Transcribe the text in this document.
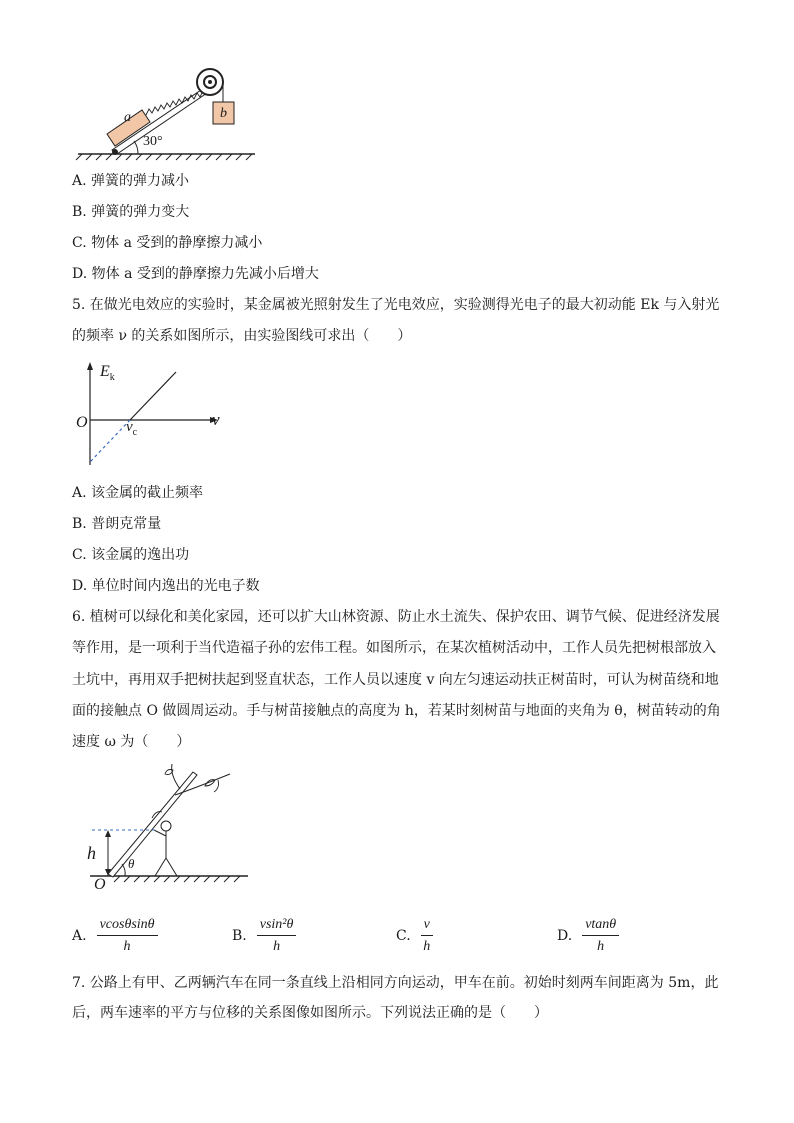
a	b
30°
A. 弹簧的弹力减小
B. 弹簧的弹力变大
C. 物体 a 受到的静摩擦力减小
D. 物体 a 受到的静摩擦力先减小后增大
5. 在做光电效应的实验时，某金属被光照射发生了光电效应，实验测得光电子的最大初动能 Ek 与入射光
的频率 ν 的关系如图所示，由实验图线可求出（　　）
$E_k$
O	ν
$\nu_c$
A. 该金属的截止频率
B. 普朗克常量
C. 该金属的逸出功
D. 单位时间内逸出的光电子数
6. 植树可以绿化和美化家园，还可以扩大山林资源、防止水土流失、保护农田、调节气候、促进经济发展
等作用，是一项利于当代造福子孙的宏伟工程。如图所示，在某次植树活动中，工作人员先把树根部放入
土坑中，再用双手把树扶起到竖直状态，工作人员以速度 v 向左匀速运动扶正树苗时，可认为树苗绕和地
面的接触点 O 做圆周运动。手与树苗接触点的高度为 h，若某时刻树苗与地面的夹角为 θ，树苗转动的角
速度 ω 为（　　）
h
θ
O
A. $\frac{vcos\theta\sin\theta}{h}$	B. $\frac{\text{vsin²θ}}{h}$	C. $\frac{v}{h}$	D. $\frac{vtan\theta}{h}$
7. 公路上有甲、乙两辆汽车在同一条直线上沿相同方向运动，甲车在前。初始时刻两车间距离为 5m，此
后，两车速率的平方与位移的关系图像如图所示。下列说法正确的是（　　）
